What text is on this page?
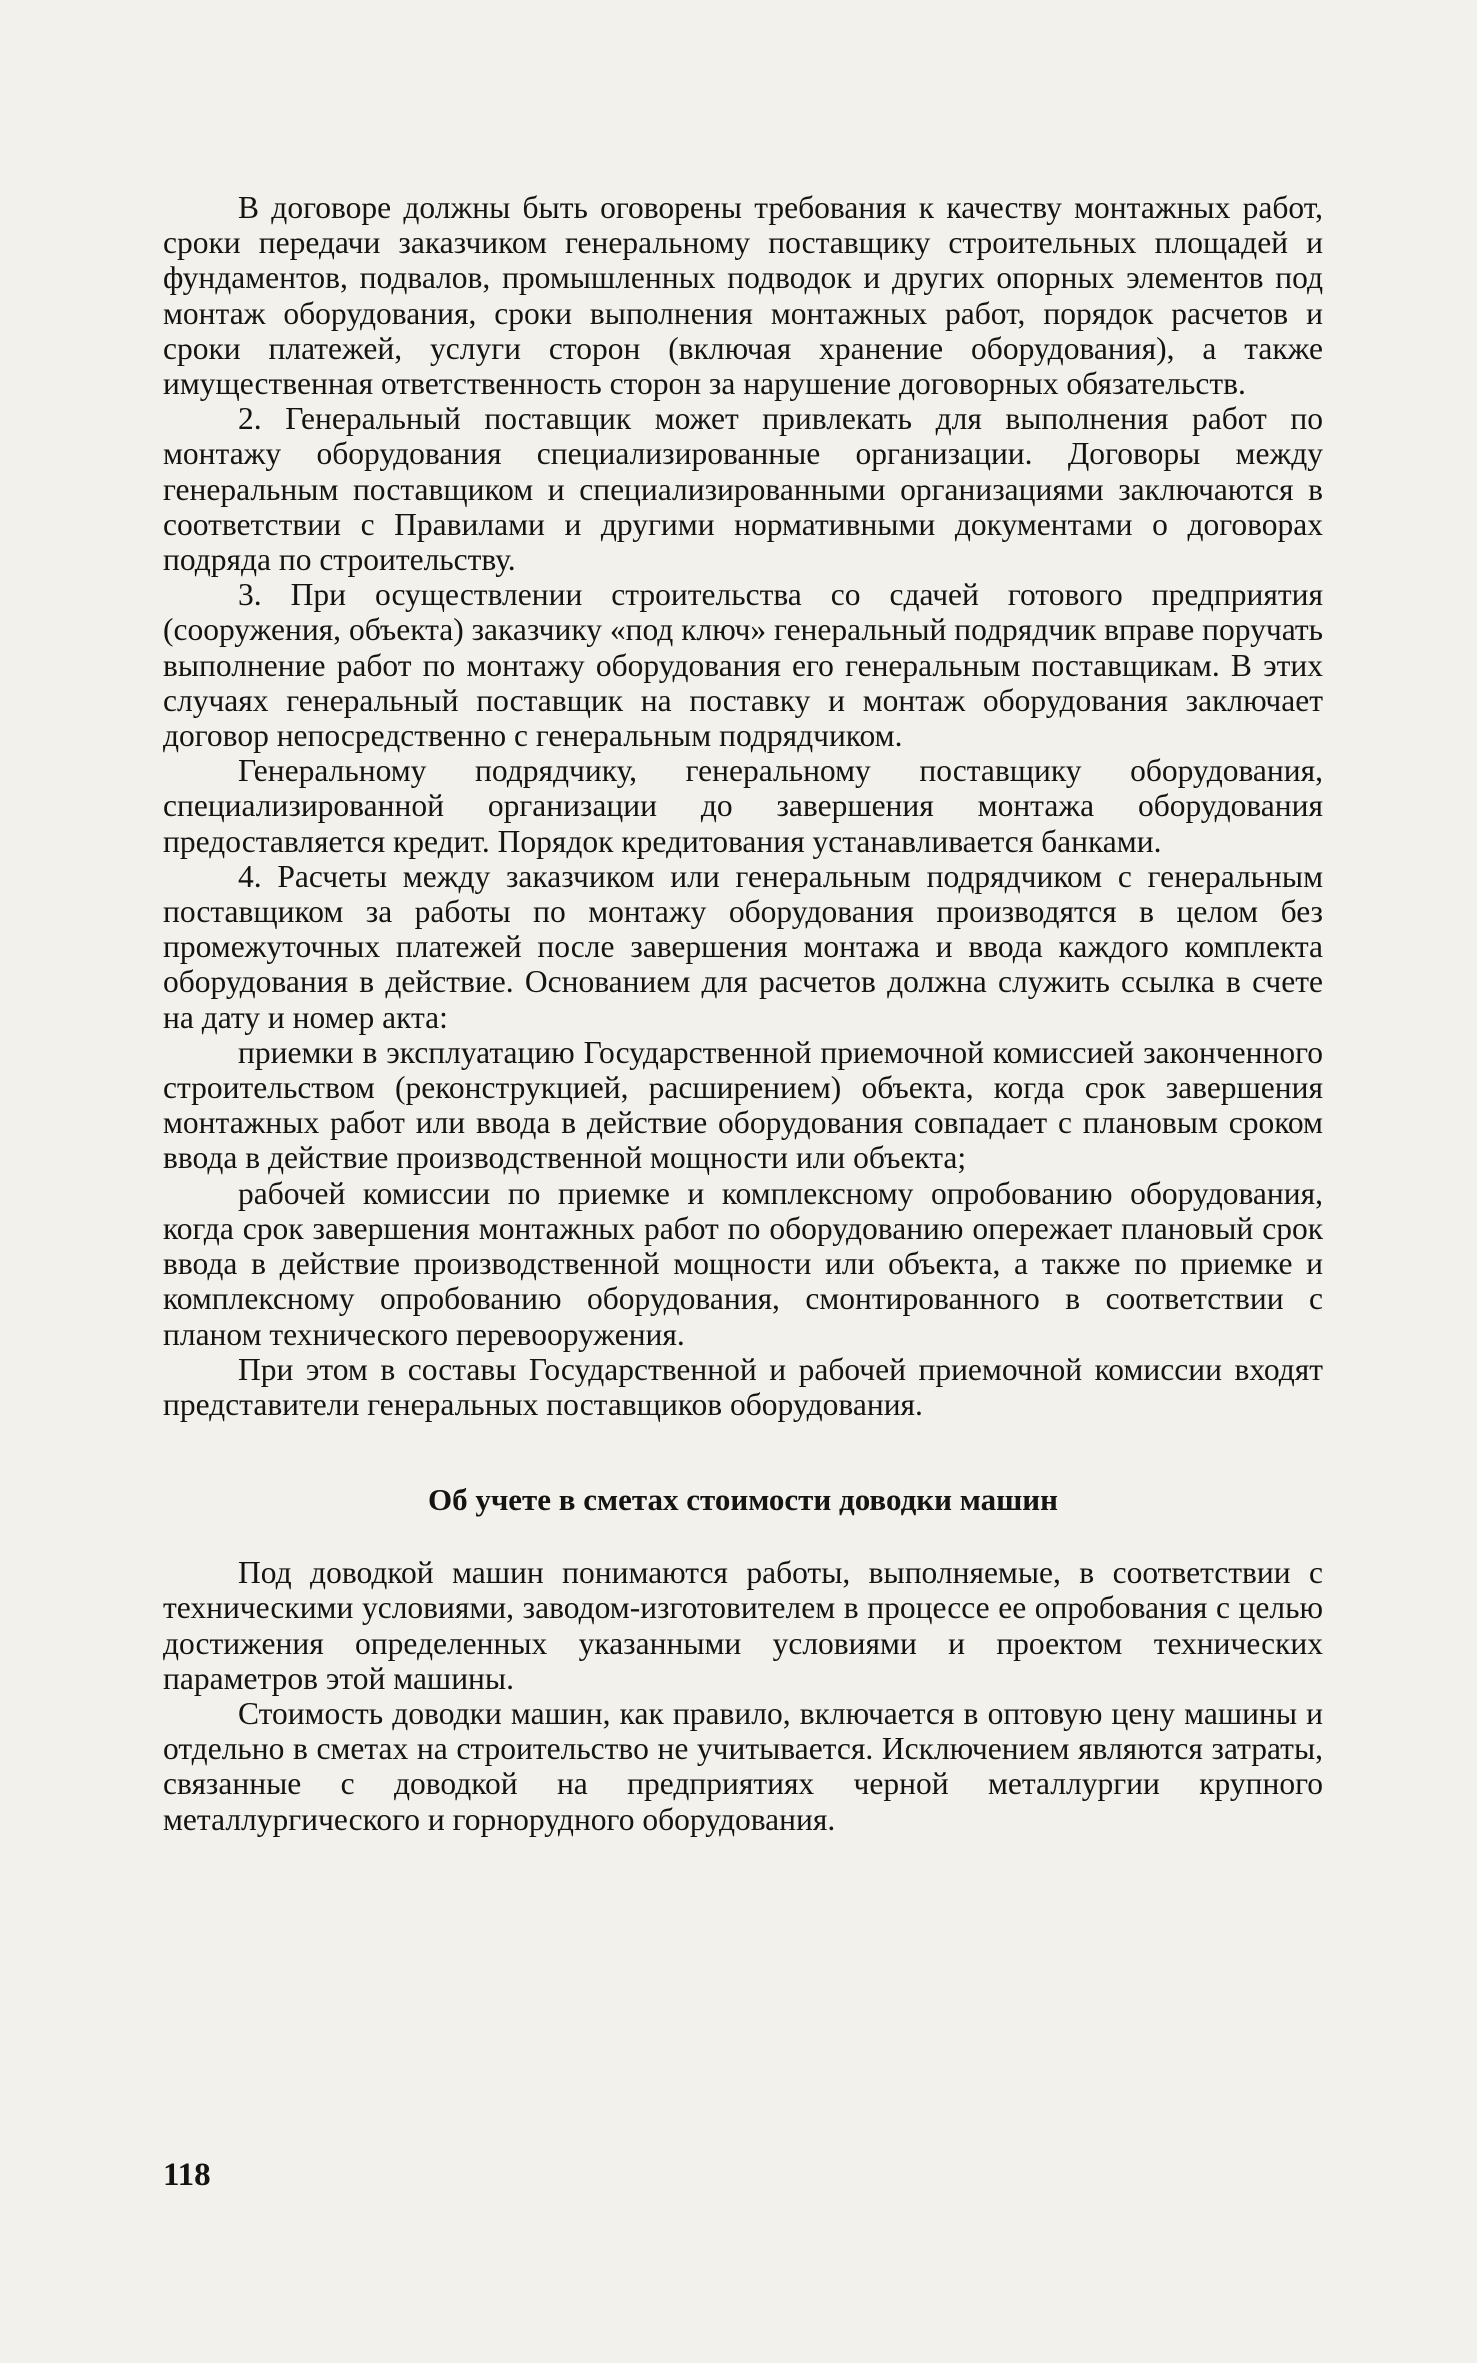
В договоре должны быть оговорены требования к качеству монтажных работ, сроки передачи заказчиком генеральному поставщику строительных площадей и фундаментов, подвалов, промышленных подводок и других опорных элементов под монтаж оборудования, сроки выполнения монтажных работ, порядок расчетов и сроки платежей, услуги сторон (включая хранение оборудования), а также имущественная ответственность сторон за нарушение договорных обязательств.

2. Генеральный поставщик может привлекать для выполнения работ по монтажу оборудования специализированные организации. Договоры между генеральным поставщиком и специализированными организациями заключаются в соответствии с Правилами и другими нормативными документами о договорах подряда по строительству.

3. При осуществлении строительства со сдачей готового предприятия (сооружения, объекта) заказчику «под ключ» генеральный подрядчик вправе поручать выполнение работ по монтажу оборудования его генеральным поставщикам. В этих случаях генеральный поставщик на поставку и монтаж оборудования заключает договор непосредственно с генеральным подрядчиком.

Генеральному подрядчику, генеральному поставщику оборудования, специализированной организации до завершения монтажа оборудования предоставляется кредит. Порядок кредитования устанавливается банками.

4. Расчеты между заказчиком или генеральным подрядчиком с генеральным поставщиком за работы по монтажу оборудования производятся в целом без промежуточных платежей после завершения монтажа и ввода каждого комплекта оборудования в действие. Основанием для расчетов должна служить ссылка в счете на дату и номер акта:

приемки в эксплуатацию Государственной приемочной комиссией законченного строительством (реконструкцией, расширением) объекта, когда срок завершения монтажных работ или ввода в действие оборудования совпадает с плановым сроком ввода в действие производственной мощности или объекта;

рабочей комиссии по приемке и комплексному опробованию оборудования, когда срок завершения монтажных работ по оборудованию опережает плановый срок ввода в действие производственной мощности или объекта, а также по приемке и комплексному опробованию оборудования, смонтированного в соответствии с планом технического перевооружения.

При этом в составы Государственной и рабочей приемочной комиссии входят представители генеральных поставщиков оборудования.

Об учете в сметах стоимости доводки машин

Под доводкой машин понимаются работы, выполняемые, в соответствии с техническими условиями, заводом-изготовителем в процессе ее опробования с целью достижения определенных указанными условиями и проектом технических параметров этой машины.

Стоимость доводки машин, как правило, включается в оптовую цену машины и отдельно в сметах на строительство не учитывается. Исключением являются затраты, связанные с доводкой на предприятиях черной металлургии крупного металлургического и горнорудного оборудования.

118
